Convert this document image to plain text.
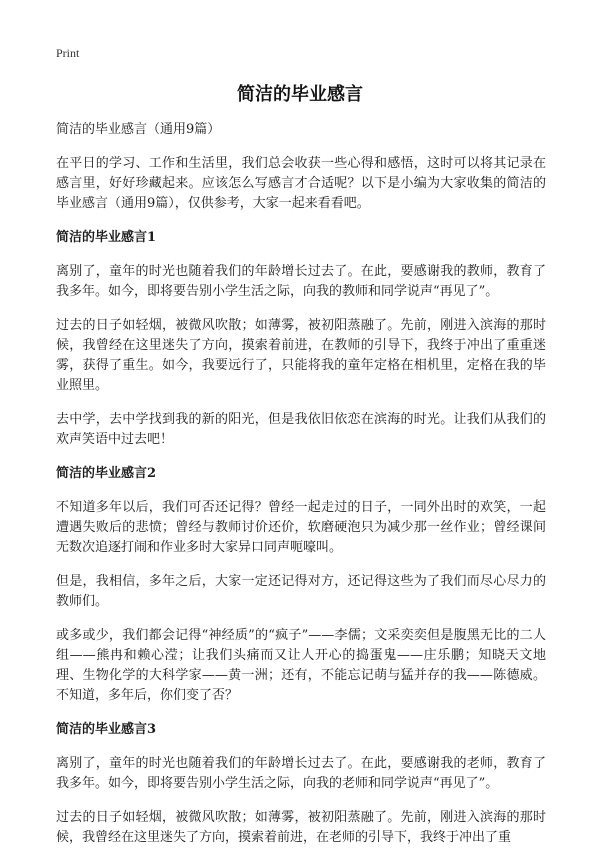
Print
简洁的毕业感言

简洁的毕业感言（通用9篇）

在平日的学习、工作和生活里，我们总会收获一些心得和感悟，这时可以将其记录在感言里，好好珍藏起来。应该怎么写感言才合适呢？以下是小编为大家收集的简洁的毕业感言（通用9篇），仅供参考，大家一起来看看吧。

简洁的毕业感言1

离别了，童年的时光也随着我们的年龄增长过去了。在此，要感谢我的教师，教育了我多年。如今，即将要告别小学生活之际，向我的教师和同学说声“再见了”。

过去的日子如轻烟，被微风吹散；如薄雾，被初阳蒸融了。先前，刚进入滨海的那时候，我曾经在这里迷失了方向，摸索着前进，在教师的引导下，我终于冲出了重重迷雾，获得了重生。如今，我要远行了，只能将我的童年定格在相机里，定格在我的毕业照里。

去中学，去中学找到我的新的阳光，但是我依旧依恋在滨海的时光。让我们从我们的欢声笑语中过去吧！

简洁的毕业感言2

不知道多年以后，我们可否还记得？曾经一起走过的日子，一同外出时的欢笑，一起遭遇失败后的悲愤；曾经与教师讨价还价，软磨硬泡只为减少那一丝作业；曾经课间无数次追逐打闹和作业多时大家异口同声呃嚎叫。

但是，我相信，多年之后，大家一定还记得对方，还记得这些为了我们而尽心尽力的教师们。

或多或少，我们都会记得“神经质”的“疯子”——李儒；文采奕奕但是腹黑无比的二人组——熊冉和赖心滢；让我们头痛而又让人开心的捣蛋鬼——庄乐鹏；知晓天文地理、生物化学的大科学家——黄一洲；还有，不能忘记萌与猛并存的我——陈德威。不知道，多年后，你们变了否？

简洁的毕业感言3

离别了，童年的时光也随着我们的年龄增长过去了。在此，要感谢我的老师，教育了我多年。如今，即将要告别小学生活之际，向我的老师和同学说声“再见了”。

过去的日子如轻烟，被微风吹散；如薄雾，被初阳蒸融了。先前，刚进入滨海的那时候，我曾经在这里迷失了方向，摸索着前进，在老师的引导下，我终于冲出了重
